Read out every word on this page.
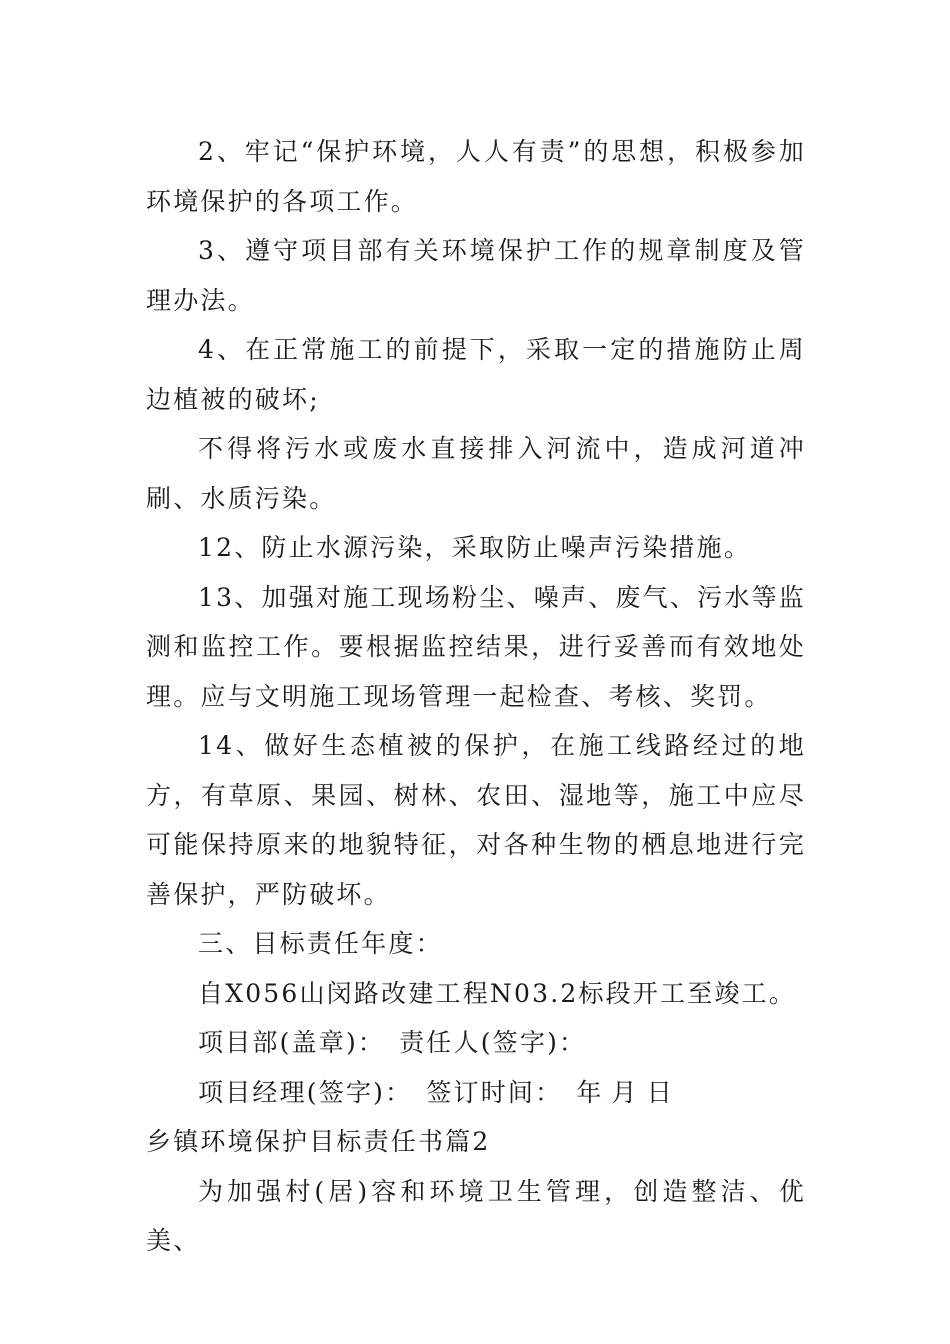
2、牢记“保护环境，人人有责”的思想，积极参加环境保护的各项工作。

3、遵守项目部有关环境保护工作的规章制度及管理办法。

4、在正常施工的前提下，采取一定的措施防止周边植被的破坏;

不得将污水或废水直接排入河流中，造成河道冲刷、水质污染。

12、防止水源污染，采取防止噪声污染措施。

13、加强对施工现场粉尘、噪声、废气、污水等监测和监控工作。要根据监控结果，进行妥善而有效地处理。应与文明施工现场管理一起检查、考核、奖罚。

14、做好生态植被的保护，在施工线路经过的地方，有草原、果园、树林、农田、湿地等，施工中应尽可能保持原来的地貌特征，对各种生物的栖息地进行完善保护，严防破坏。

三、目标责任年度：

自X056山闵路改建工程N03.2标段开工至竣工。

项目部(盖章)： 责任人(签字)：

项目经理(签字)： 签订时间： 年 月 日

乡镇环境保护目标责任书篇2

为加强村(居)容和环境卫生管理，创造整洁、优美、
